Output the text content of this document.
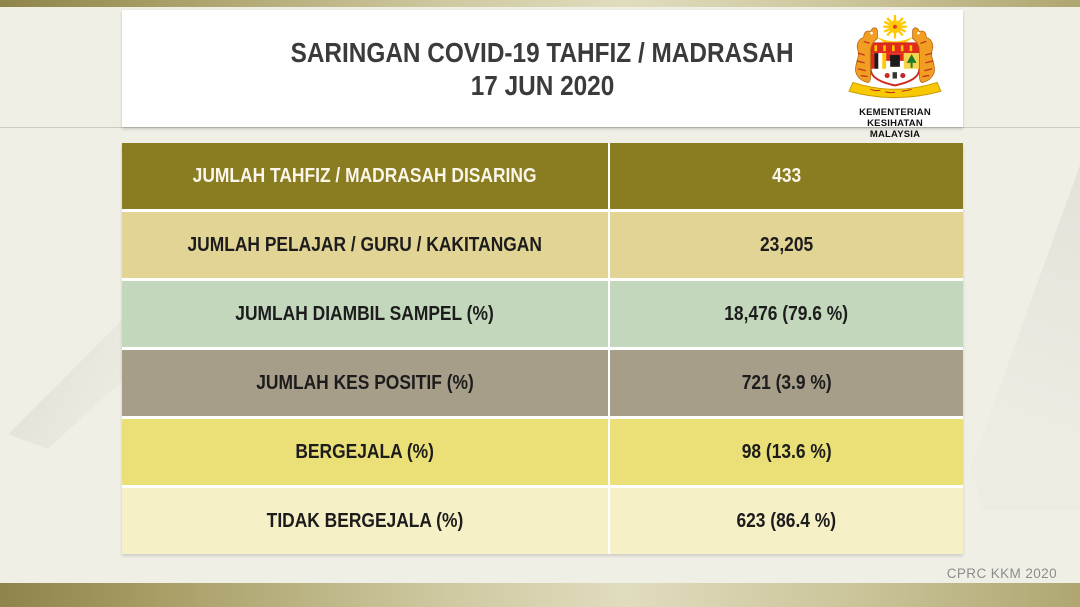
SARINGAN COVID-19 TAHFIZ / MADRASAH
17 JUN 2020
KEMENTERIAN KESIHATAN
MALAYSIA
JUMLAH TAHFIZ / MADRASAH DISARING	433
JUMLAH PELAJAR / GURU / KAKITANGAN	23,205
JUMLAH DIAMBIL SAMPEL (%)	18,476 (79.6 %)
JUMLAH KES POSITIF (%)	721 (3.9 %)
BERGEJALA (%)	98 (13.6 %)
TIDAK BERGEJALA (%)	623 (86.4 %)
CPRC KKM 2020
